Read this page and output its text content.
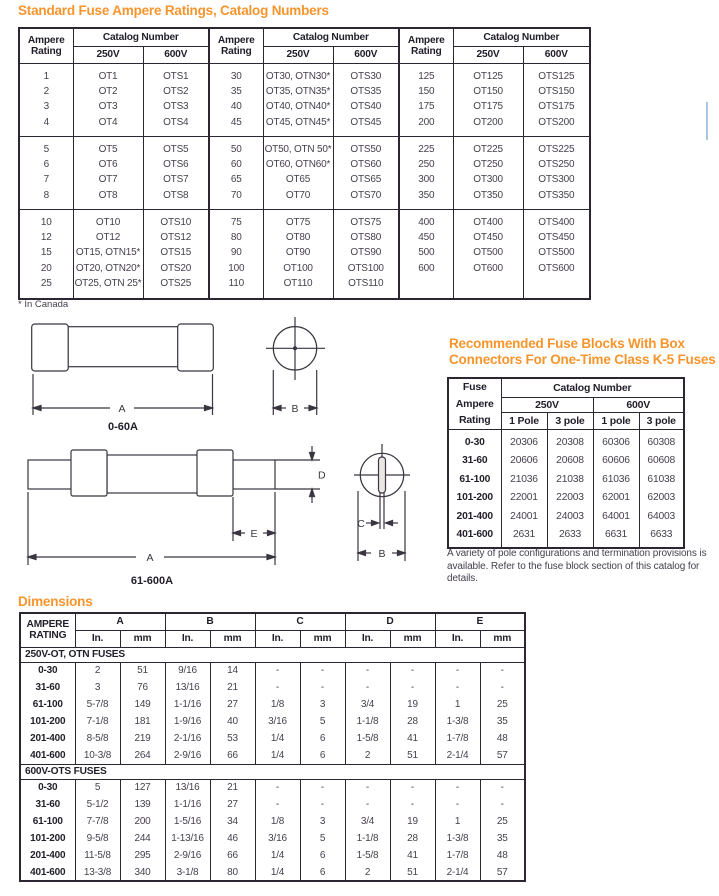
Standard Fuse Ampere Ratings, Catalog Numbers
Ampere
Rating	Catalog Number	
	250V	600V
1	OT1	OTS1
2	OT2	OTS2
3	OT3	OTS3
4	OT4	OTS4
5	OT5	OTS5
6	OT6	OTS6
7	OT7	OTS7
8	OT8	OTS8
10	OT10	OTS10
12	OT12	OTS12
15	OT15, OTN15*	OTS15
20	OT20, OTN20*	OTS20
25	OT25, OTN 25*	OTS25
Ampere
Rating	Catalog Number	
	250V	600V
30	OT30, OTN30*	OTS30
35	OT35, OTN35*	OTS35
40	OT40, OTN40*	OTS40
45	OT45, OTN45*	OTS45
50	OT50, OTN 50*	OTS50
60	OT60, OTN60*	OTS60
65	OT65	OTS65
70	OT70	OTS70
75	OT75	OTS75
80	OT80	OTS80
90	OT90	OTS90
100	OT100	OTS100
110	OT110	OTS110
Ampere
Rating	Catalog Number	
	250V	600V
125	OT125	OTS125
150	OT150	OTS150
175	OT175	OTS175
200	OT200	OTS200
225	OT225	OTS225
250	OT250	OTS250
300	OT300	OTS300
350	OT350	OTS350
400	OT400	OTS400
450	OT450	OTS450
500	OT500	OTS500
600	OT600	OTS600

* In Canada
A	B
0-60A
D
E
A
C
B
61-600A
Recommended Fuse Blocks With Box
Connectors For One-Time Class K-5 Fuses
Fuse
Ampere
Rating	Catalog Number			
	250V		600V	
	1 Pole	3 pole	1 pole	3 pole
0-30	20306	20308	60306	60308
31-60	20606	20608	60606	60608
61-100	21036	21038	61036	61038
101-200	22001	22003	62001	62003
201-400	24001	24003	64001	64003
401-600	2631	2633	6631	6633
A variety of pole configurations and termination provisions is available. Refer to the fuse block section of this catalog for details.
Dimensions
AMPERE
RATING	A		B		C		D		E	
	In.	mm	In.	mm	In.	mm	In.	mm	In.	mm
250V-OT, OTN FUSES										
0-30	2	51	9/16	14	-	-	-	-	-	-
31-60	3	76	13/16	21	-	-	-	-	-	-
61-100	5-7/8	149	1-1/16	27	1/8	3	3/4	19	1	25
101-200	7-1/8	181	1-9/16	40	3/16	5	1-1/8	28	1-3/8	35
201-400	8-5/8	219	2-1/16	53	1/4	6	1-5/8	41	1-7/8	48
401-600	10-3/8	264	2-9/16	66	1/4	6	2	51	2-1/4	57
600V-OTS FUSES										
0-30	5	127	13/16	21	-	-	-	-	-	-
31-60	5-1/2	139	1-1/16	27	-	-	-	-	-	-
61-100	7-7/8	200	1-5/16	34	1/8	3	3/4	19	1	25
101-200	9-5/8	244	1-13/16	46	3/16	5	1-1/8	28	1-3/8	35
201-400	11-5/8	295	2-9/16	66	1/4	6	1-5/8	41	1-7/8	48
401-600	13-3/8	340	3-1/8	80	1/4	6	2	51	2-1/4	57
